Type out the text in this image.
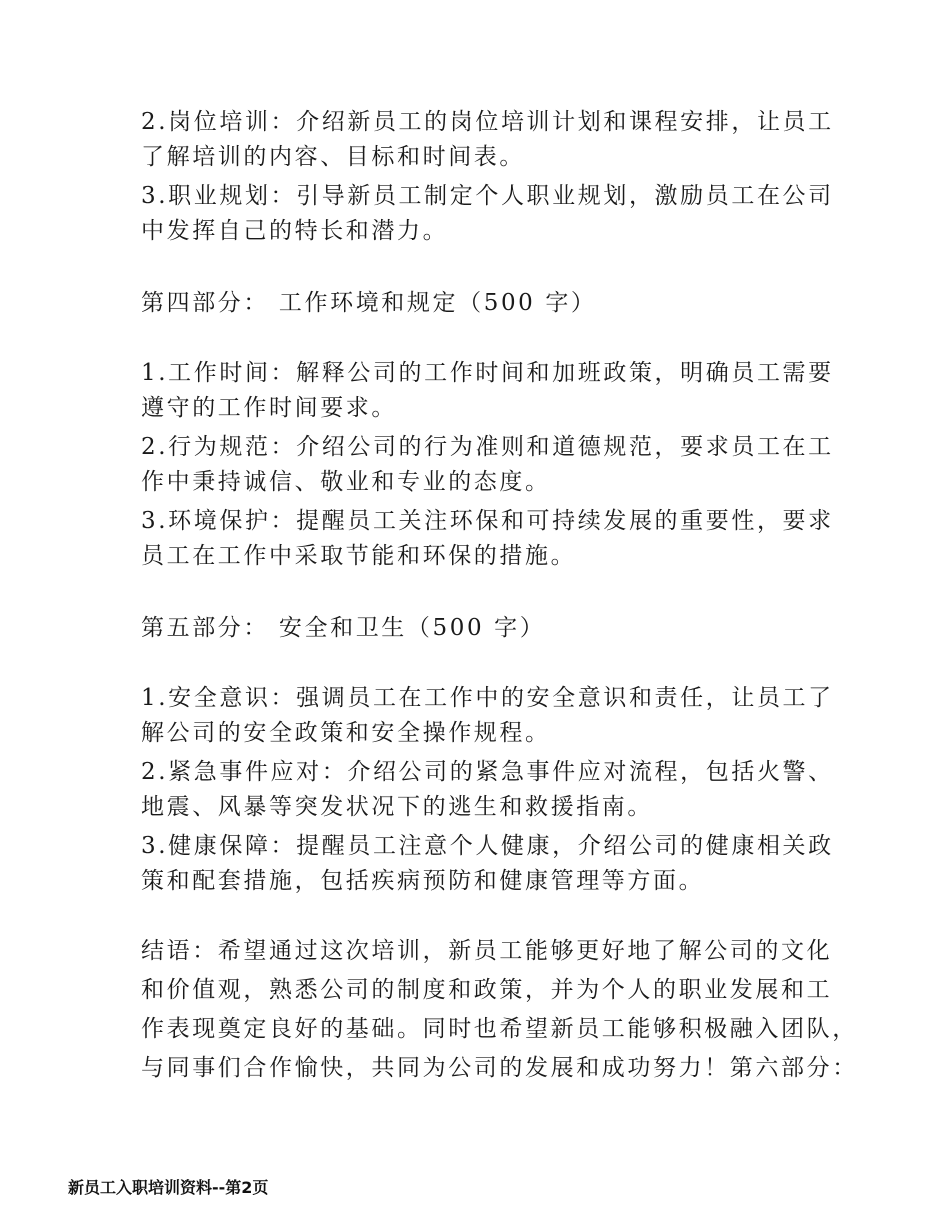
2.岗位培训：介绍新员工的岗位培训计划和课程安排，让员工
了解培训的内容、目标和时间表。
3.职业规划：引导新员工制定个人职业规划，激励员工在公司
中发挥自己的特长和潜力。
第四部分： 工作环境和规定（500 字）
1.工作时间：解释公司的工作时间和加班政策，明确员工需要
遵守的工作时间要求。
2.行为规范：介绍公司的行为准则和道德规范，要求员工在工
作中秉持诚信、敬业和专业的态度。
3.环境保护：提醒员工关注环保和可持续发展的重要性，要求
员工在工作中采取节能和环保的措施。
第五部分： 安全和卫生（500 字）
1.安全意识：强调员工在工作中的安全意识和责任，让员工了
解公司的安全政策和安全操作规程。
2.紧急事件应对：介绍公司的紧急事件应对流程，包括火警、
地震、风暴等突发状况下的逃生和救援指南。
3.健康保障：提醒员工注意个人健康，介绍公司的健康相关政
策和配套措施，包括疾病预防和健康管理等方面。
结语：希望通过这次培训，新员工能够更好地了解公司的文化
和价值观，熟悉公司的制度和政策，并为个人的职业发展和工
作表现奠定良好的基础。同时也希望新员工能够积极融入团队，
与同事们合作愉快，共同为公司的发展和成功努力！第六部分：
新员工入职培训资料--第2页
